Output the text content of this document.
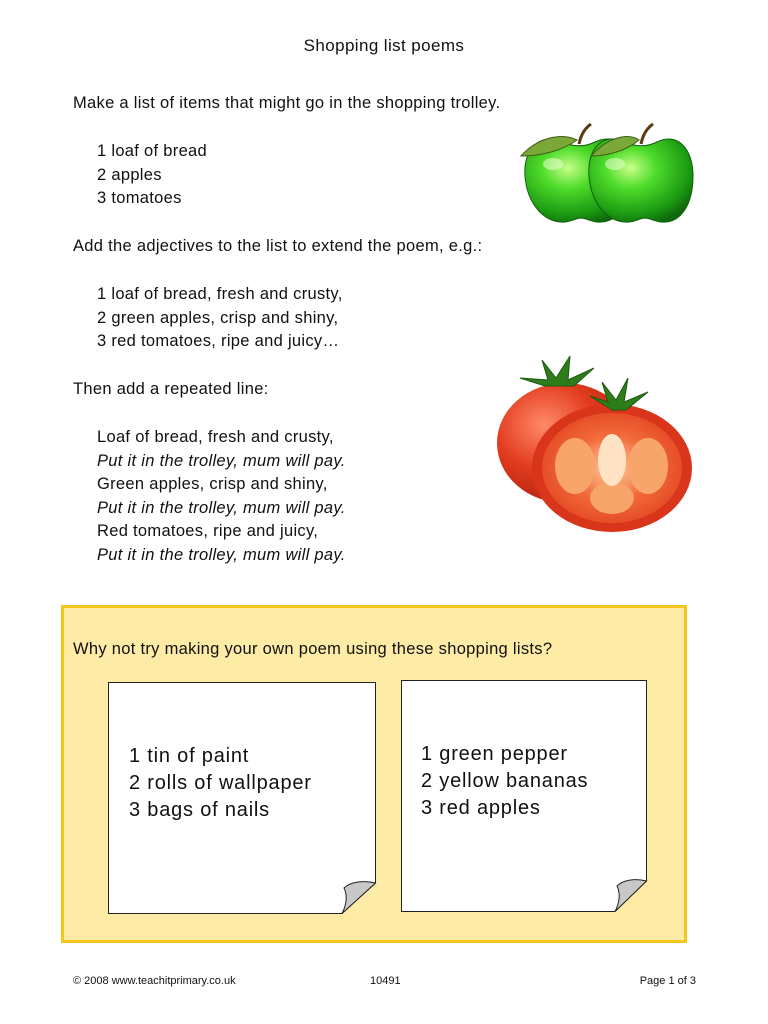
Shopping list poems
Make a list of items that might go in the shopping trolley.
1 loaf of bread
2 apples
3 tomatoes
Add the adjectives to the list to extend the poem, e.g.:
1 loaf of bread, fresh and crusty,
2 green apples, crisp and shiny,
3 red tomatoes, ripe and juicy…
Then add a repeated line:
Loaf of bread, fresh and crusty,
Put it in the trolley, mum will pay.
Green apples, crisp and shiny,
Put it in the trolley, mum will pay.
Red tomatoes, ripe and juicy,
Put it in the trolley, mum will pay.
Why not try making your own poem using these shopping lists?
1 tin of paint
2 rolls of wallpaper
3 bags of nails
1 green pepper
2 yellow bananas
3 red apples
© 2008 www.teachitprimary.co.uk	10491	Page 1 of 3
